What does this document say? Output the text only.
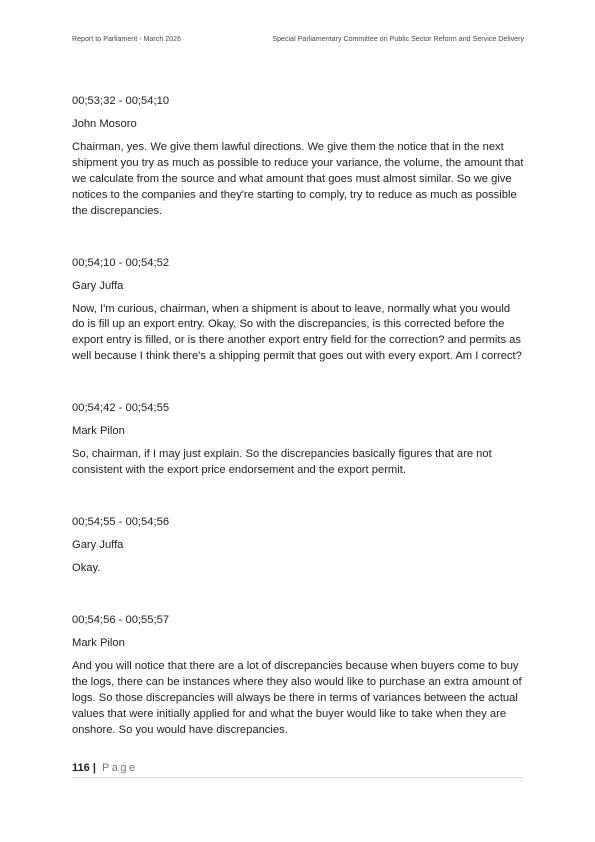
Report to Parliament - March 2026	Special Parliamentary Committee on Public Sector Reform and Service Delivery

00;53;32 - 00;54;10

John Mosoro

Chairman, yes. We give them lawful directions. We give them the notice that in the next shipment you try as much as possible to reduce your variance, the volume, the amount that we calculate from the source and what amount that goes must almost similar. So we give notices to the companies and they're starting to comply, try to reduce as much as possible the discrepancies.

00;54;10 - 00;54;52

Gary Juffa

Now, I'm curious, chairman, when a shipment is about to leave, normally what you would do is fill up an export entry. Okay, So with the discrepancies, is this corrected before the export entry is filled, or is there another export entry field for the correction? and permits as well because I think there's a shipping permit that goes out with every export. Am I correct?

00;54;42 - 00;54;55

Mark Pilon

So, chairman, if I may just explain. So the discrepancies basically figures that are not consistent with the export price endorsement and the export permit.

00;54;55 - 00;54;56

Gary Juffa

Okay.

00;54;56 - 00;55;57

Mark Pilon

And you will notice that there are a lot of discrepancies because when buyers come to buy the logs, there can be instances where they also would like to purchase an extra amount of logs. So those discrepancies will always be there in terms of variances between the actual values that were initially applied for and what the buyer would like to take when they are onshore. So you would have discrepancies.

116 | Page
